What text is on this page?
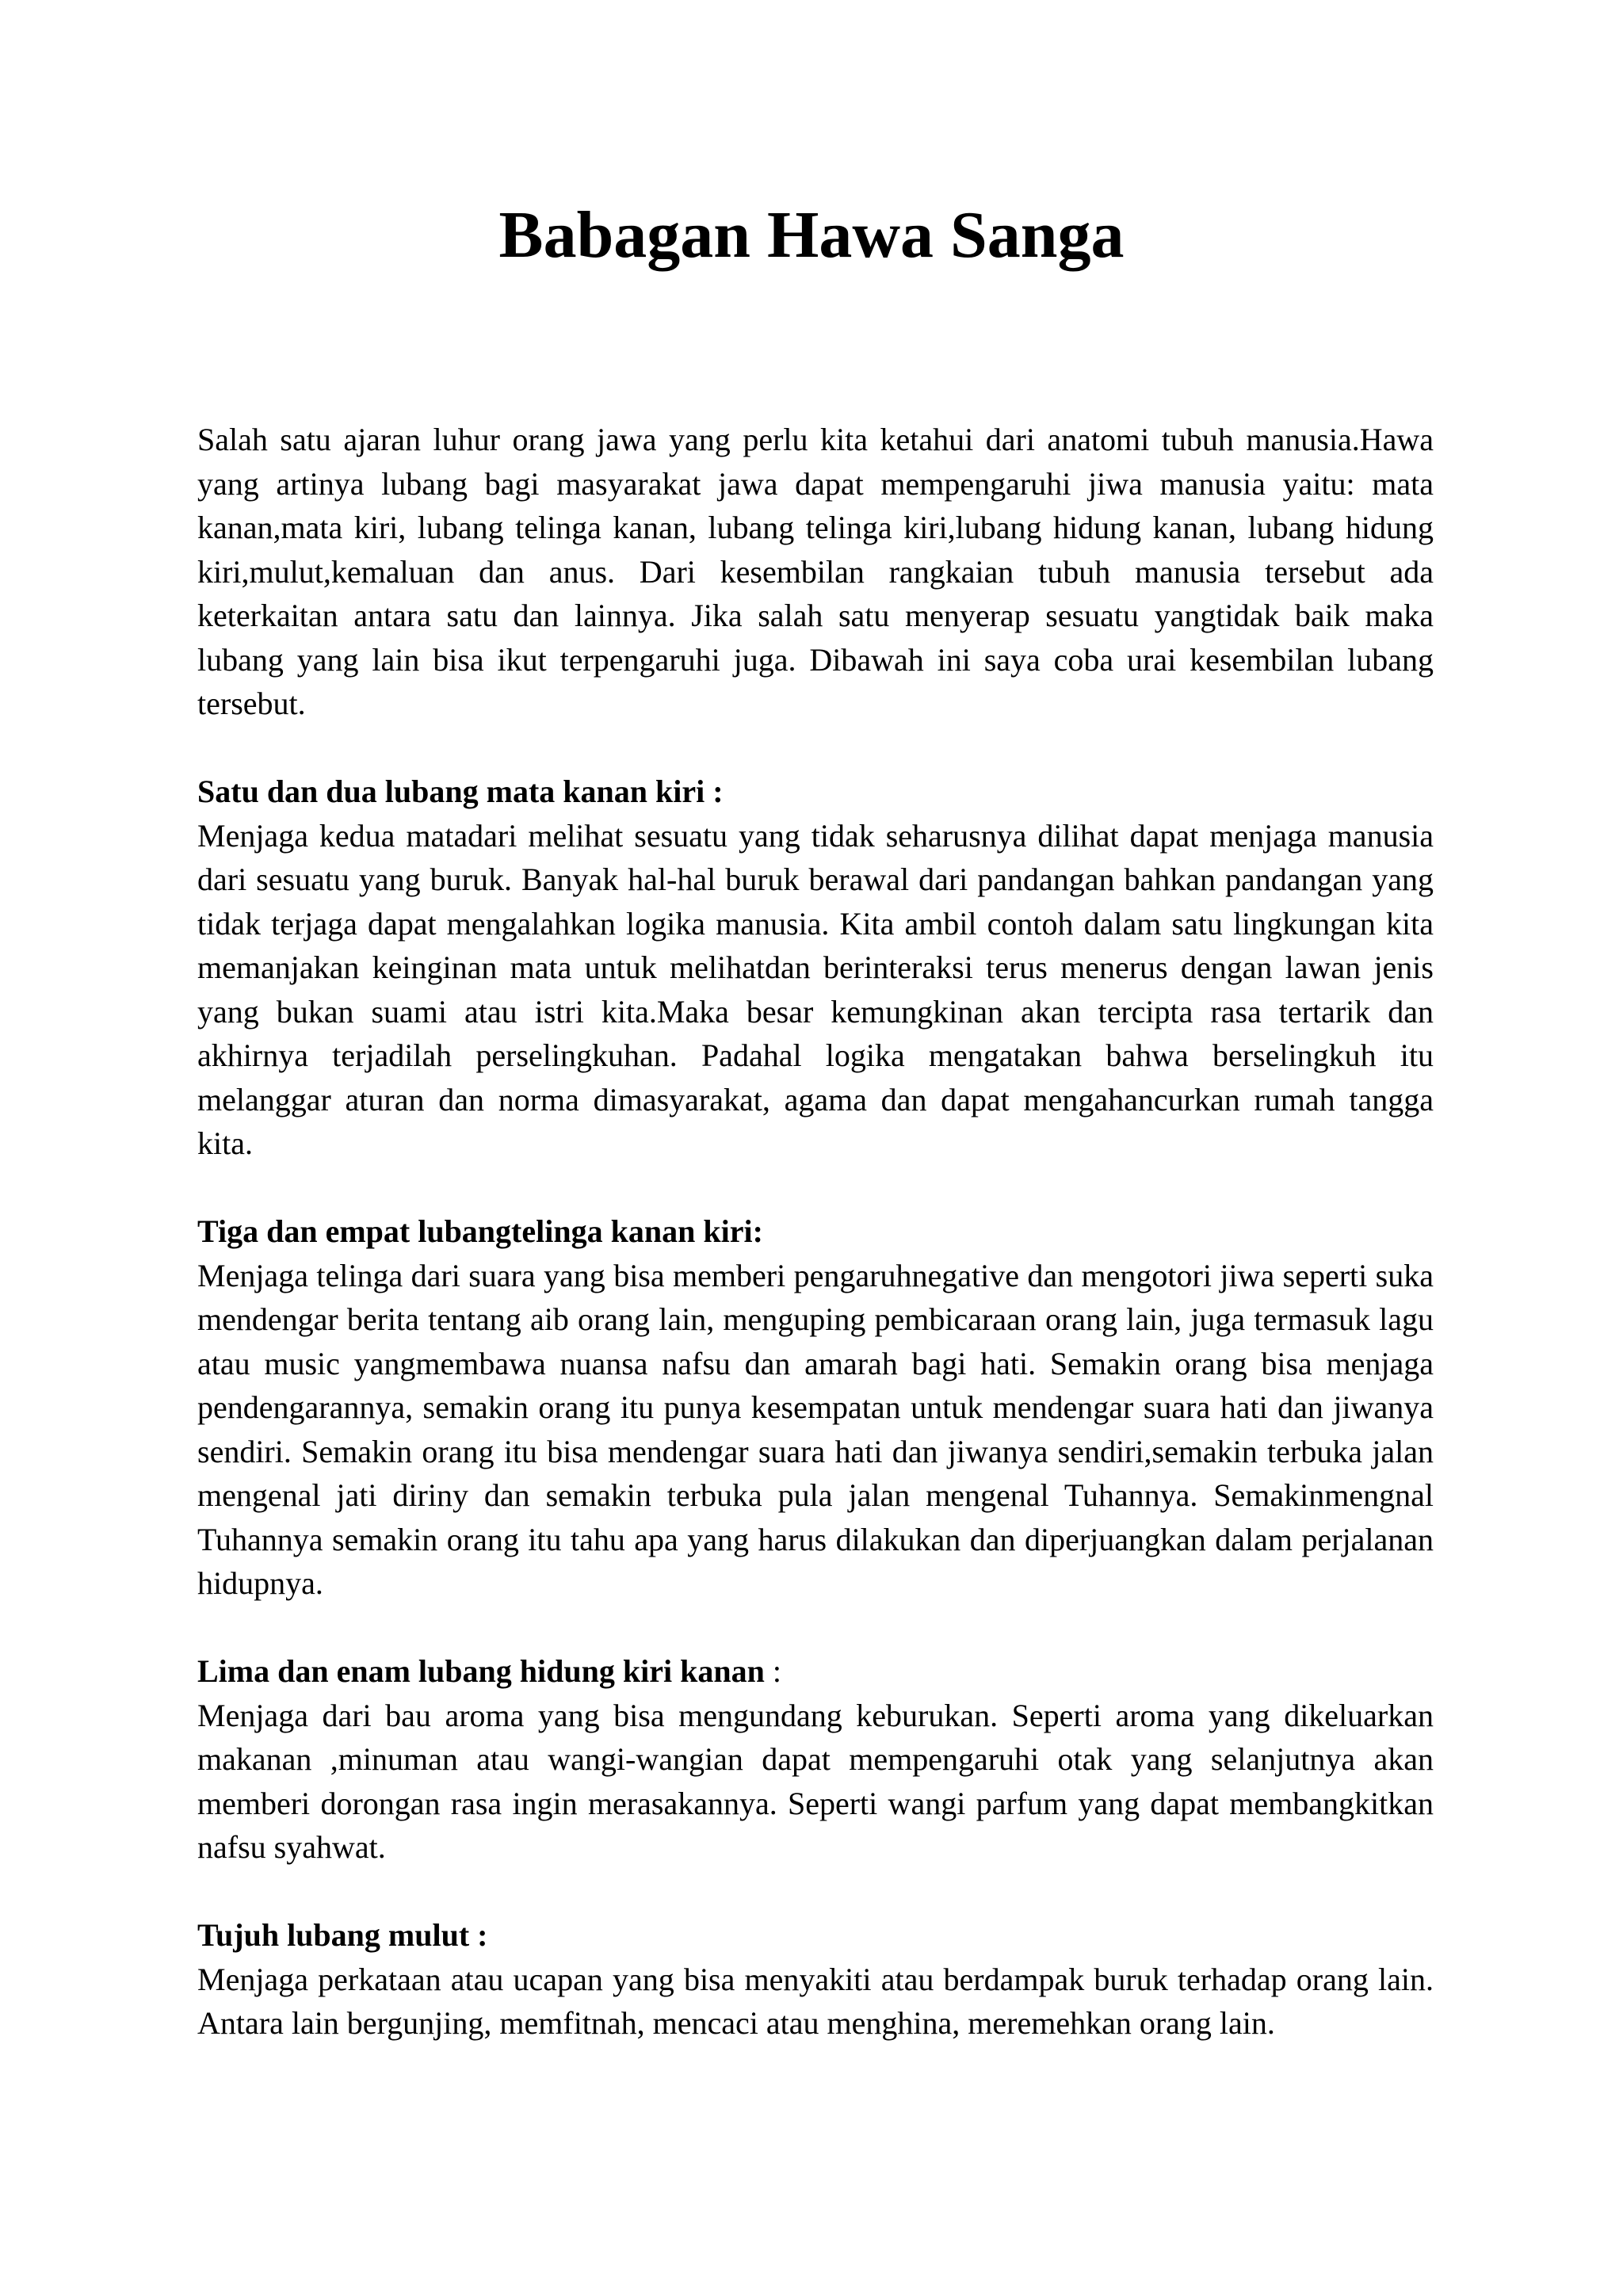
Babagan Hawa Sanga

Salah satu ajaran luhur orang jawa yang perlu kita ketahui dari anatomi tubuh manusia.Hawa yang artinya lubang bagi masyarakat jawa dapat mempengaruhi jiwa manusia yaitu: mata kanan,mata kiri, lubang telinga kanan, lubang telinga kiri,lubang hidung kanan, lubang hidung kiri,mulut,kemaluan dan anus. Dari kesembilan rangkaian tubuh manusia tersebut ada keterkaitan antara satu dan lainnya. Jika salah satu menyerap sesuatu yangtidak baik maka lubang yang lain bisa ikut terpengaruhi juga. Dibawah ini saya coba urai kesembilan lubang tersebut.

Satu dan dua lubang mata kanan kiri :

Menjaga kedua matadari melihat sesuatu yang tidak seharusnya dilihat dapat menjaga manusia dari sesuatu yang buruk. Banyak hal-hal buruk berawal dari pandangan bahkan pandangan yang tidak terjaga dapat mengalahkan logika manusia. Kita ambil contoh dalam satu lingkungan kita memanjakan keinginan mata untuk melihatdan berinteraksi terus menerus dengan lawan jenis yang bukan suami atau istri kita.Maka besar kemungkinan akan tercipta rasa tertarik dan akhirnya terjadilah perselingkuhan. Padahal logika mengatakan bahwa berselingkuh itu melanggar aturan dan norma dimasyarakat, agama dan dapat mengahancurkan rumah tangga kita.

Tiga dan empat lubangtelinga kanan kiri:

Menjaga telinga dari suara yang bisa memberi pengaruhnegative dan mengotori jiwa seperti suka mendengar berita tentang aib orang lain, menguping pembicaraan orang lain, juga termasuk lagu atau music yangmembawa nuansa nafsu dan amarah bagi hati. Semakin orang bisa menjaga pendengarannya, semakin orang itu punya kesempatan untuk mendengar suara hati dan jiwanya sendiri. Semakin orang itu bisa mendengar suara hati dan jiwanya sendiri,semakin terbuka jalan mengenal jati diriny dan semakin terbuka pula jalan mengenal Tuhannya. Semakinmengnal Tuhannya semakin orang itu tahu apa yang harus dilakukan dan diperjuangkan dalam perjalanan hidupnya.

Lima dan enam lubang hidung kiri kanan :

Menjaga dari bau aroma yang bisa mengundang keburukan. Seperti aroma yang dikeluarkan makanan ,minuman atau wangi-wangian dapat mempengaruhi otak yang selanjutnya akan memberi dorongan rasa ingin merasakannya. Seperti wangi parfum yang dapat membangkitkan nafsu syahwat.

Tujuh lubang mulut :

Menjaga perkataan atau ucapan yang bisa menyakiti atau berdampak buruk terhadap orang lain. Antara lain bergunjing, memfitnah, mencaci atau menghina, meremehkan orang lain.
